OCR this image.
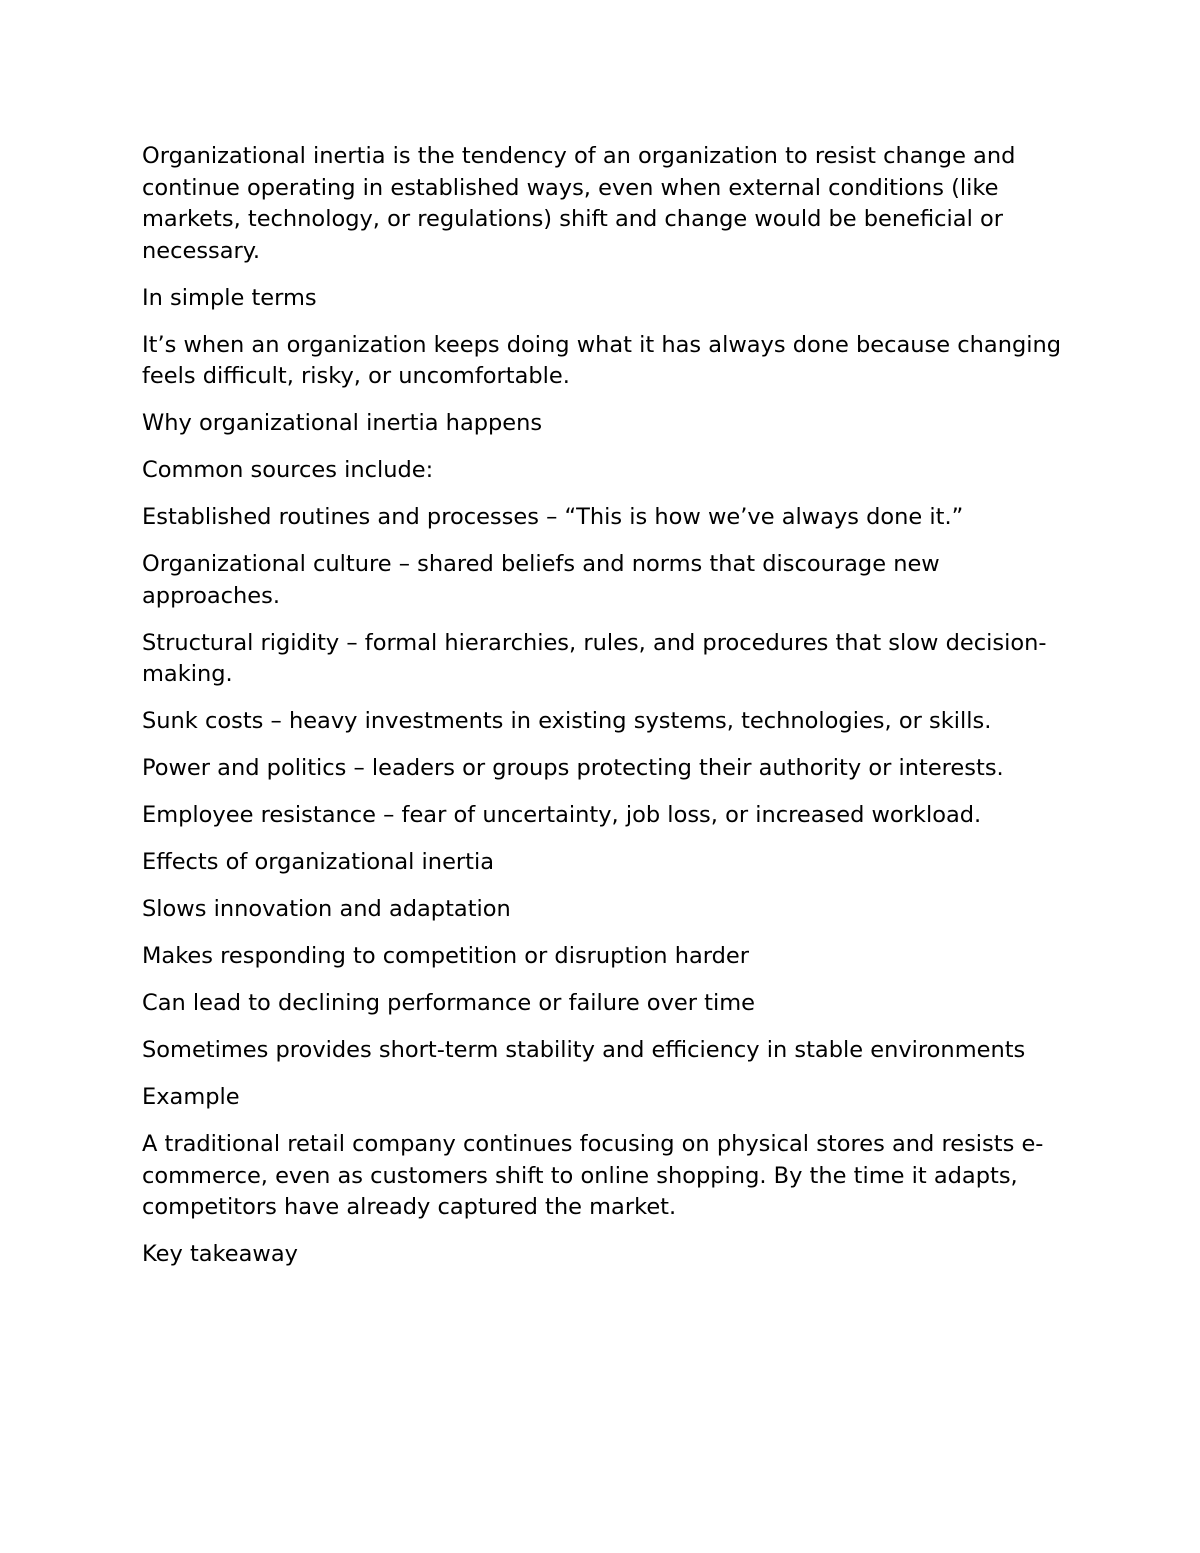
Organizational inertia is the tendency of an organization to resist change and continue operating in established ways, even when external conditions (like markets, technology, or regulations) shift and change would be beneficial or necessary.

In simple terms

It’s when an organization keeps doing what it has always done because changing feels difficult, risky, or uncomfortable.

Why organizational inertia happens

Common sources include:

Established routines and processes – “This is how we’ve always done it.”

Organizational culture – shared beliefs and norms that discourage new approaches.

Structural rigidity – formal hierarchies, rules, and procedures that slow decision-making.

Sunk costs – heavy investments in existing systems, technologies, or skills.

Power and politics – leaders or groups protecting their authority or interests.

Employee resistance – fear of uncertainty, job loss, or increased workload.

Effects of organizational inertia

Slows innovation and adaptation

Makes responding to competition or disruption harder

Can lead to declining performance or failure over time

Sometimes provides short-term stability and efficiency in stable environments

Example

A traditional retail company continues focusing on physical stores and resists e-commerce, even as customers shift to online shopping. By the time it adapts, competitors have already captured the market.

Key takeaway
